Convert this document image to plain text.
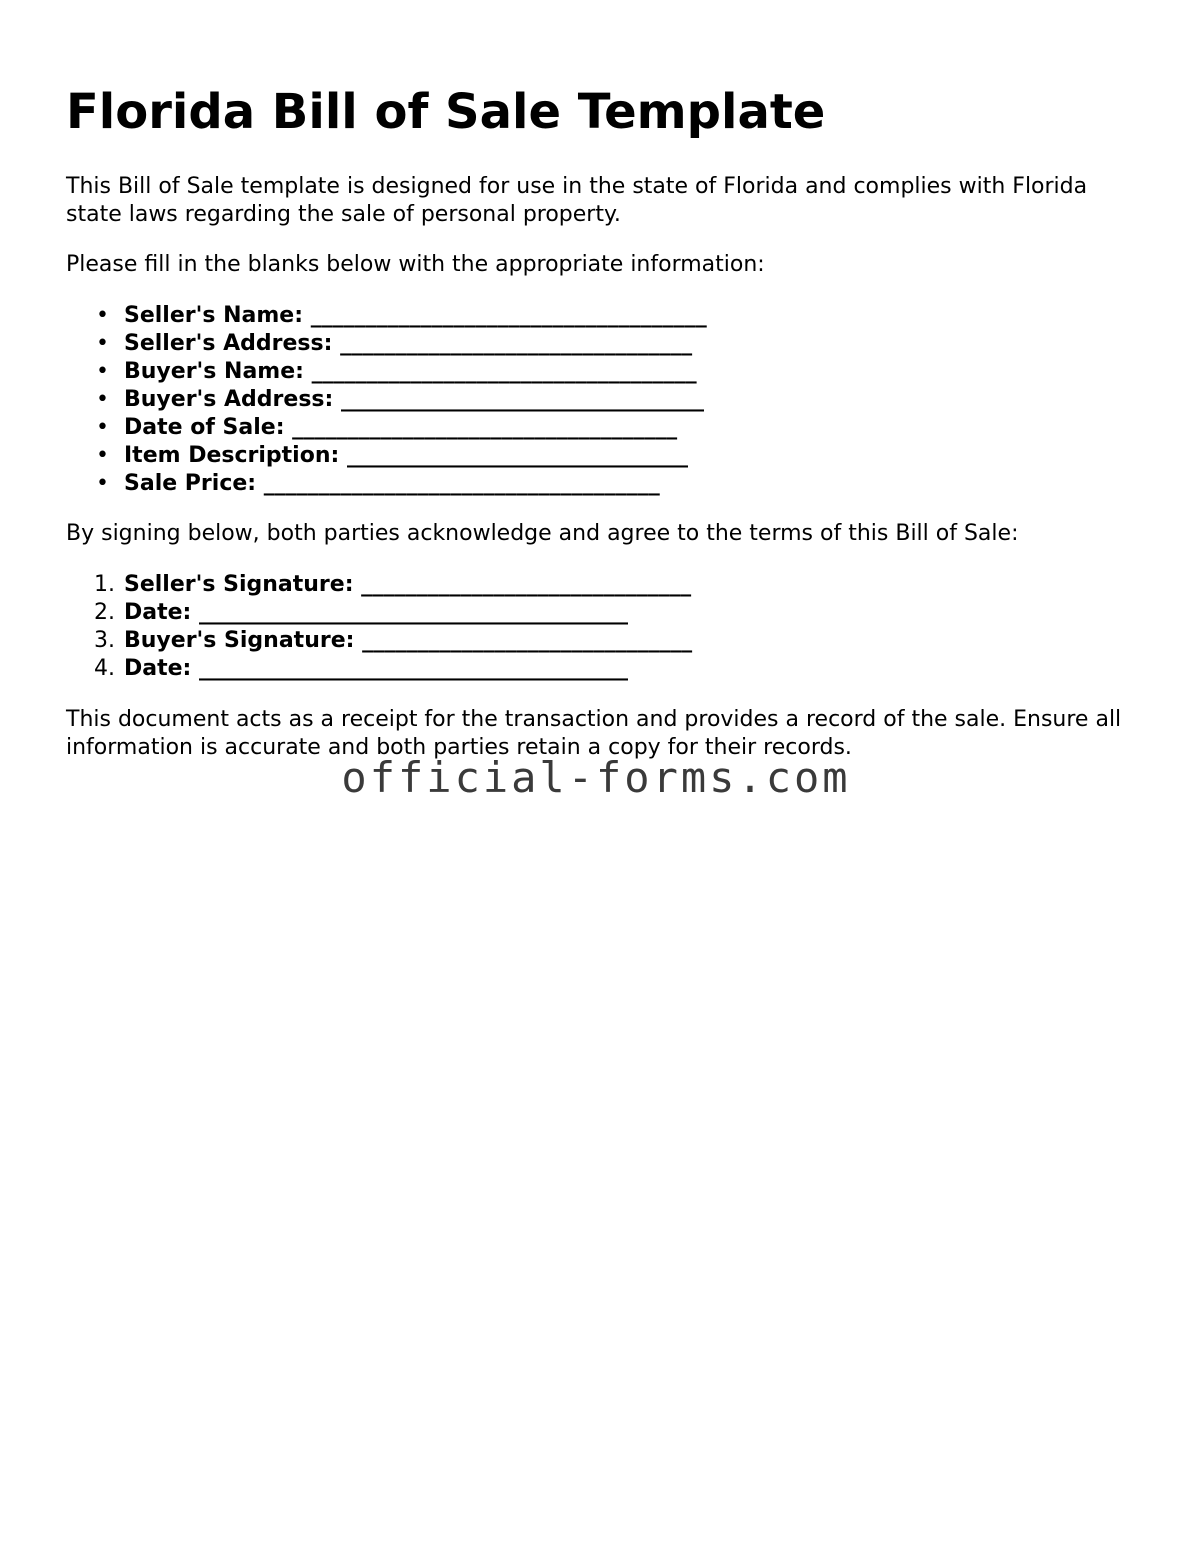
Florida Bill of Sale Template

This Bill of Sale template is designed for use in the state of Florida and complies with Florida state laws regarding the sale of personal property.

Please fill in the blanks below with the appropriate information:

• Seller's Name: ____________________________________
• Seller's Address: ________________________________
• Buyer's Name: ___________________________________
• Buyer's Address: _________________________________
• Date of Sale: ___________________________________
• Item Description: _______________________________
• Sale Price: ____________________________________

By signing below, both parties acknowledge and agree to the terms of this Bill of Sale:

1. Seller's Signature: ______________________________
2. Date: _______________________________________
3. Buyer's Signature: ______________________________
4. Date: _______________________________________

This document acts as a receipt for the transaction and provides a record of the sale. Ensure all information is accurate and both parties retain a copy for their records.

official-forms.com
